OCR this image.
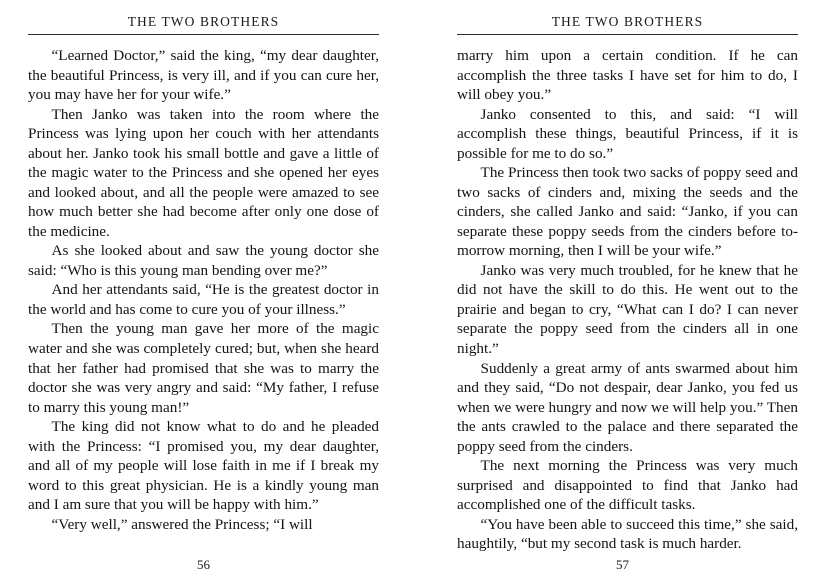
THE TWO BROTHERS

“Learned Doctor,” said the king, “my dear daughter, the beautiful Princess, is very ill, and if you can cure her, you may have her for your wife.”

Then Janko was taken into the room where the Princess was lying upon her couch with her attendants about her. Janko took his small bottle and gave a little of the magic water to the Princess and she opened her eyes and looked about, and all the people were amazed to see how much better she had become after only one dose of the medicine.

As she looked about and saw the young doctor she said: “Who is this young man bending over me?”

And her attendants said, “He is the greatest doctor in the world and has come to cure you of your illness.”

Then the young man gave her more of the magic water and she was completely cured; but, when she heard that her father had promised that she was to marry the doctor she was very angry and said: “My father, I refuse to marry this young man!”

The king did not know what to do and he pleaded with the Princess: “I promised you, my dear daughter, and all of my people will lose faith in me if I break my word to this great physician. He is a kindly young man and I am sure that you will be happy with him.”

“Very well,” answered the Princess; “I will

56
THE TWO BROTHERS

marry him upon a certain condition. If he can accomplish the three tasks I have set for him to do, I will obey you.”

Janko consented to this, and said: “I will accomplish these things, beautiful Princess, if it is possible for me to do so.”

The Princess then took two sacks of poppy seed and two sacks of cinders and, mixing the seeds and the cinders, she called Janko and said: “Janko, if you can separate these poppy seeds from the cinders before to-morrow morning, then I will be your wife.”

Janko was very much troubled, for he knew that he did not have the skill to do this. He went out to the prairie and began to cry, “What can I do? I can never separate the poppy seed from the cinders all in one night.”

Suddenly a great army of ants swarmed about him and they said, “Do not despair, dear Janko, you fed us when we were hungry and now we will help you.” Then the ants crawled to the palace and there separated the poppy seed from the cinders.

The next morning the Princess was very much surprised and disappointed to find that Janko had accomplished one of the difficult tasks.

“You have been able to succeed this time,” she said, haughtily, “but my second task is much harder.

57
